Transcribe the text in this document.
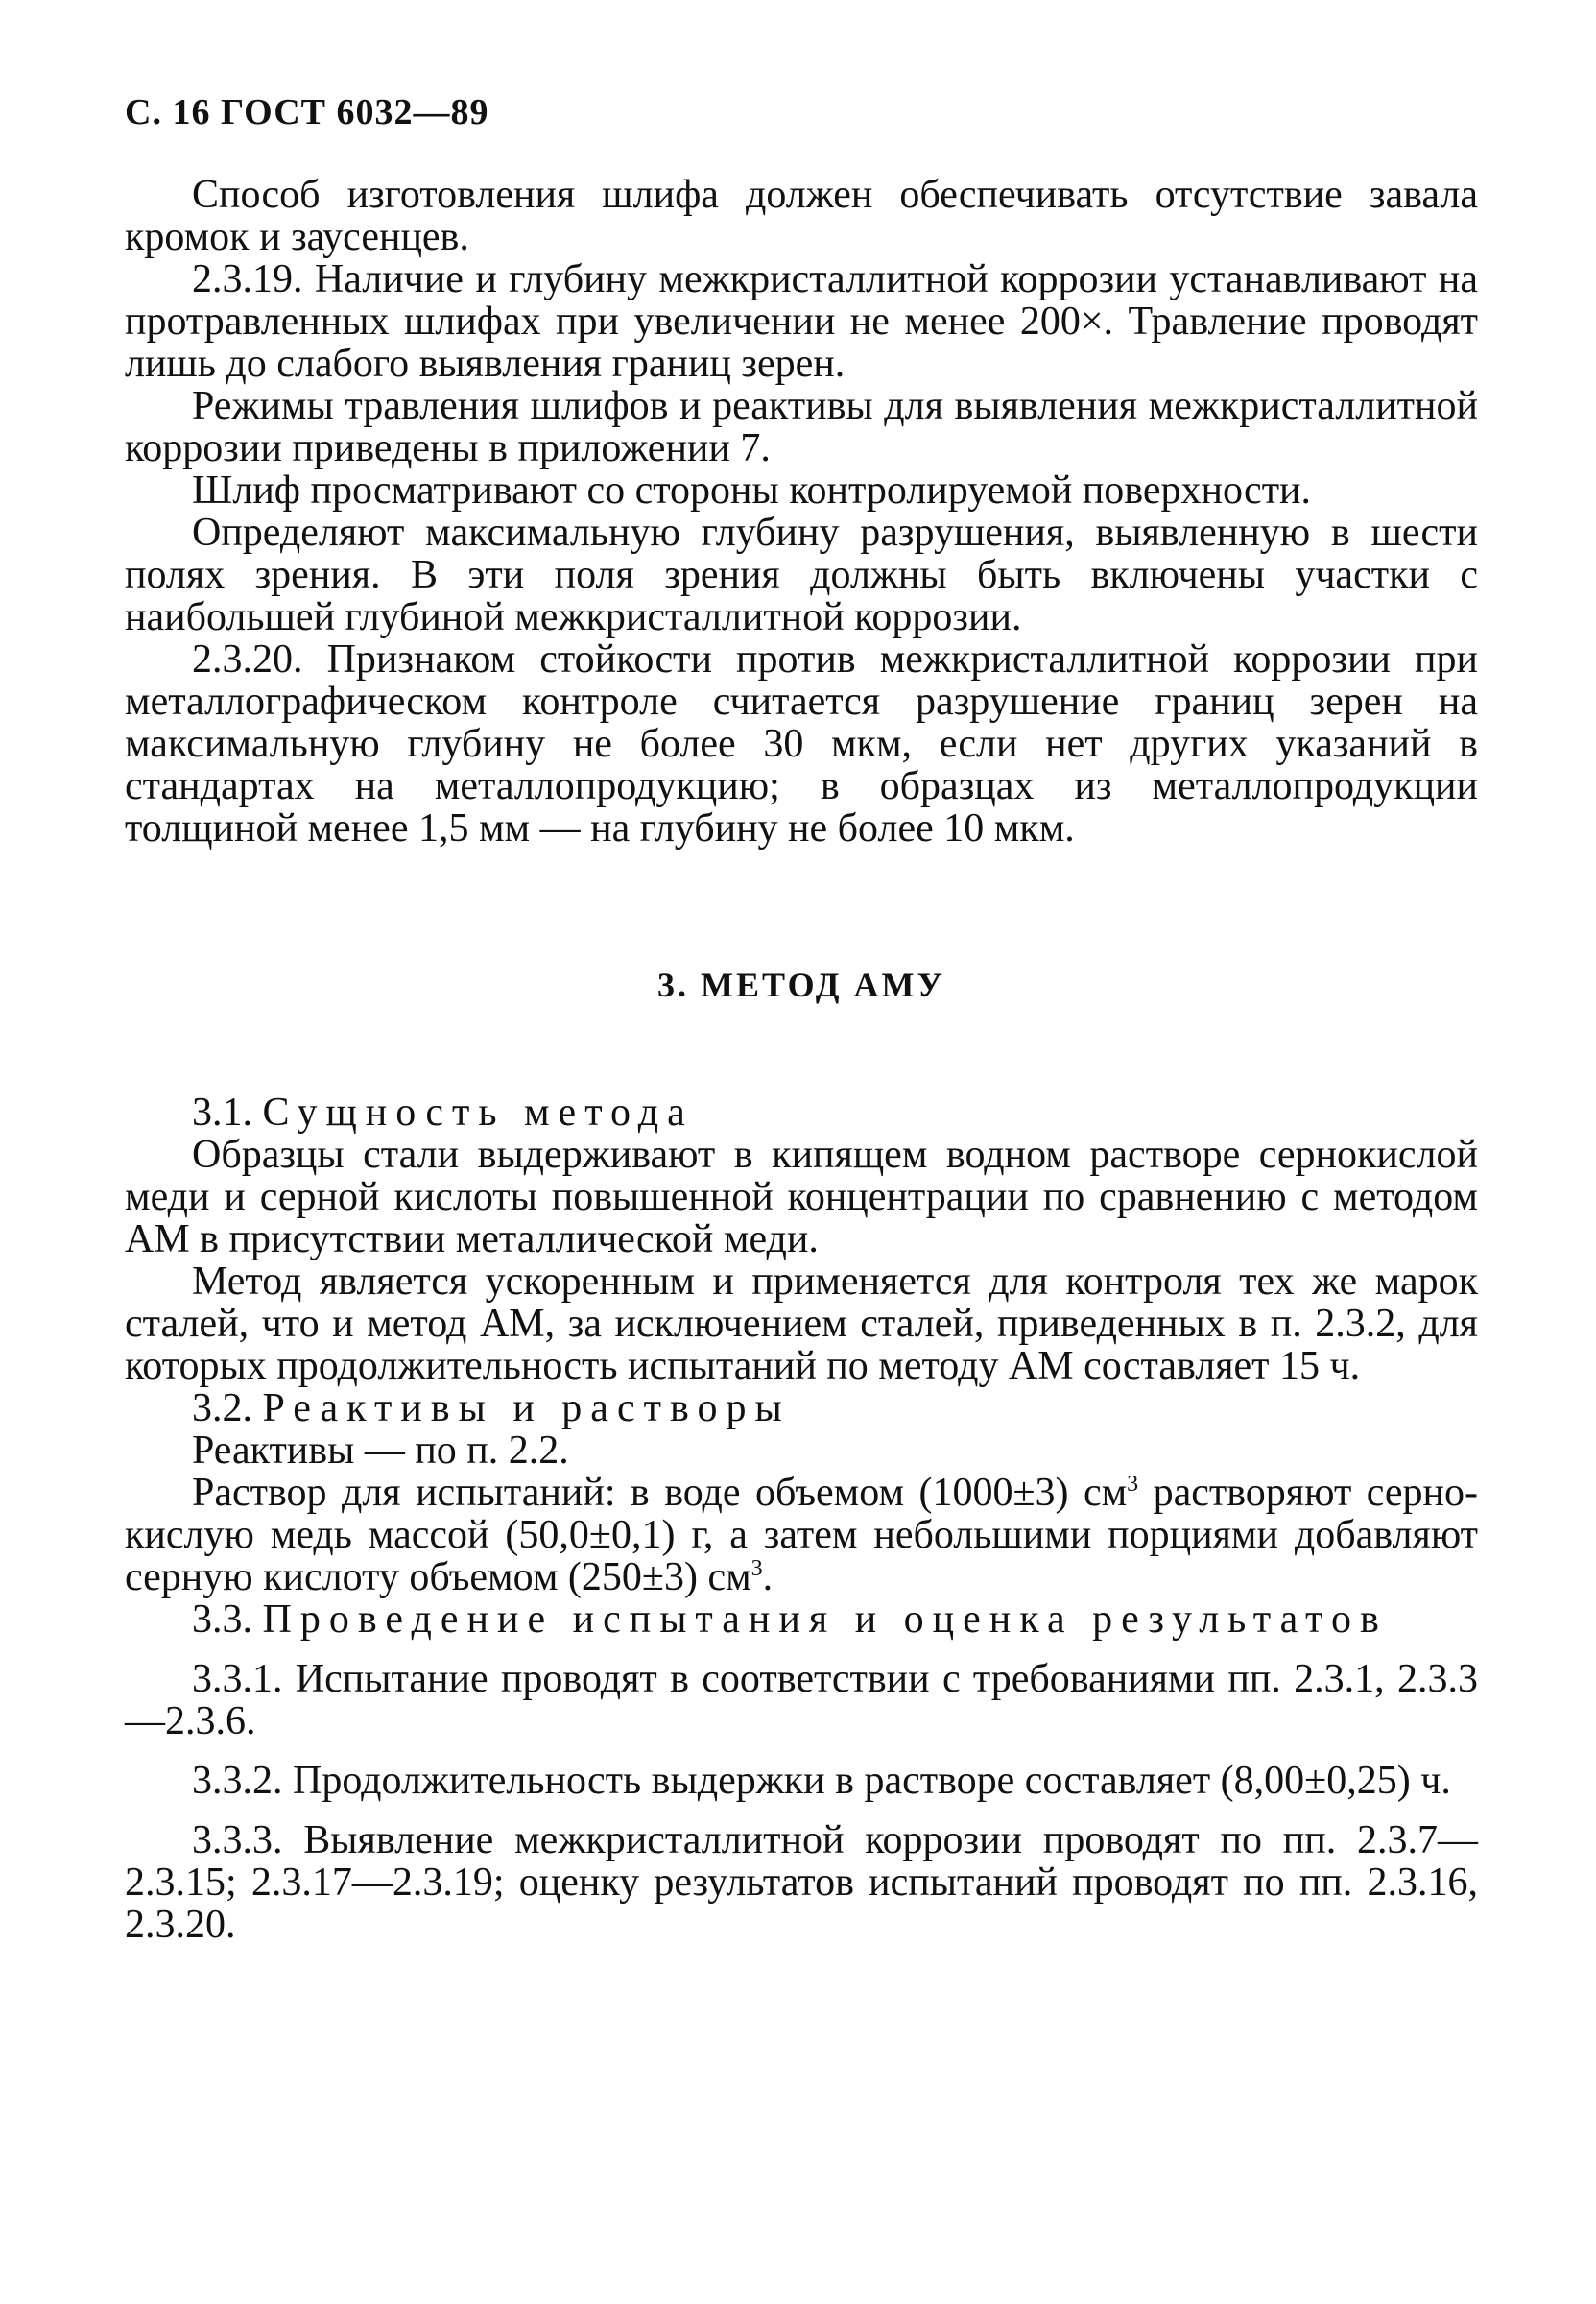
С. 16 ГОСТ 6032—89

Способ изготовления шлифа должен обеспечивать отсутствие завала кромок и заусенцев.

2.3.19. Наличие и глубину межкристаллитной коррозии устанавливают на протравленных шлифах при увеличении не менее 200×. Травление проводят лишь до слабого выявления границ зерен.

Режимы травления шлифов и реактивы для выявления межкристаллитной коррозии приведены в приложении 7.

Шлиф просматривают со стороны контролируемой поверхности.

Определяют максимальную глубину разрушения, выявленную в шести полях зрения. В эти поля зрения должны быть включены участки с наибольшей глубиной межкристаллитной коррозии.

2.3.20. Признаком стойкости против межкристаллитной коррозии при металлографическом контроле считается разрушение границ зерен на максимальную глубину не более 30 мкм, если нет других указаний в стандартах на металлопродукцию; в образцах из металлопродукции толщиной менее 1,5 мм — на глубину не более 10 мкм.

3. МЕТОД АМУ

3.1. Сущность метода

Образцы стали выдерживают в кипящем водном растворе сернокислой меди и серной кислоты повышенной концентрации по сравнению с методом АМ в присутствии металлической меди.

Метод является ускоренным и применяется для контроля тех же марок сталей, что и метод АМ, за исключением сталей, приведенных в п. 2.3.2, для которых продолжительность испытаний по методу АМ составляет 15 ч.

3.2. Реактивы и растворы

Реактивы — по п. 2.2.

Раствор для испытаний: в воде объемом (1000±3) $см^3$ растворяют серно-кислую медь массой (50,0±0,1) г, а затем небольшими порциями добавляют серную кислоту объемом (250±3) $см^3$.

3.3. Проведение испытания и оценка результатов

3.3.1. Испытание проводят в соответствии с требованиями пп. 2.3.1, 2.3.3—2.3.6.

3.3.2. Продолжительность выдержки в растворе составляет (8,00±0,25) ч.

3.3.3. Выявление межкристаллитной коррозии проводят по пп. 2.3.7—2.3.15; 2.3.17—2.3.19; оценку результатов испытаний проводят по пп. 2.3.16, 2.3.20.
